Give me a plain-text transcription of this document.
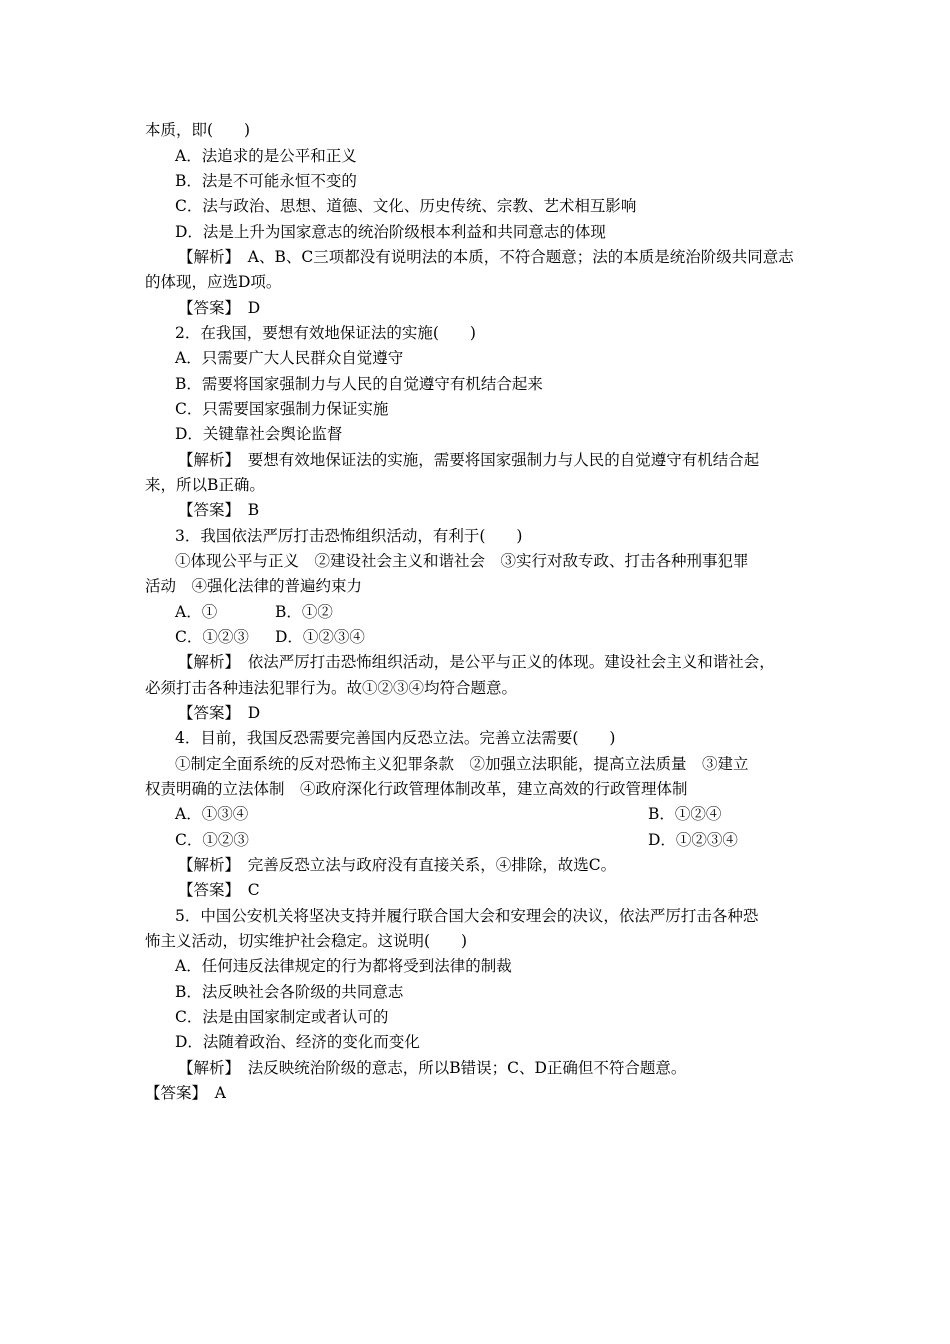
本质，即(　　)
A．法追求的是公平和正义
B．法是不可能永恒不变的
C．法与政治、思想、道德、文化、历史传统、宗教、艺术相互影响
D．法是上升为国家意志的统治阶级根本利益和共同意志的体现
【解析】　A、B、C三项都没有说明法的本质，不符合题意；法的本质是统治阶级共同意志
的体现，应选D项。
【答案】　D
2．在我国，要想有效地保证法的实施(　　)
A．只需要广大人民群众自觉遵守
B．需要将国家强制力与人民的自觉遵守有机结合起来
C．只需要国家强制力保证实施
D．关键靠社会舆论监督
【解析】　要想有效地保证法的实施，需要将国家强制力与人民的自觉遵守有机结合起
来，所以B正确。
【答案】　B
3．我国依法严厉打击恐怖组织活动，有利于(　　)
①体现公平与正义　②建设社会主义和谐社会　③实行对敌专政、打击各种刑事犯罪
活动　④强化法律的普遍约束力
A．①	B．①②
C．①②③ D．①②③④
【解析】　依法严厉打击恐怖组织活动，是公平与正义的体现。建设社会主义和谐社会，
必须打击各种违法犯罪行为。故①②③④均符合题意。
【答案】　D
4．目前，我国反恐需要完善国内反恐立法。完善立法需要(　　)
①制定全面系统的反对恐怖主义犯罪条款　②加强立法职能，提高立法质量　③建立
权责明确的立法体制　④政府深化行政管理体制改革，建立高效的行政管理体制
A．①③④	B．①②④
C．①②③	D．①②③④
【解析】　完善反恐立法与政府没有直接关系，④排除，故选C。
【答案】　C
5．中国公安机关将坚决支持并履行联合国大会和安理会的决议，依法严厉打击各种恐
怖主义活动，切实维护社会稳定。这说明(　　)
A．任何违反法律规定的行为都将受到法律的制裁
B．法反映社会各阶级的共同意志
C．法是由国家制定或者认可的
D．法随着政治、经济的变化而变化
【解析】　法反映统治阶级的意志，所以B错误；C、D正确但不符合题意。
【答案】　A
